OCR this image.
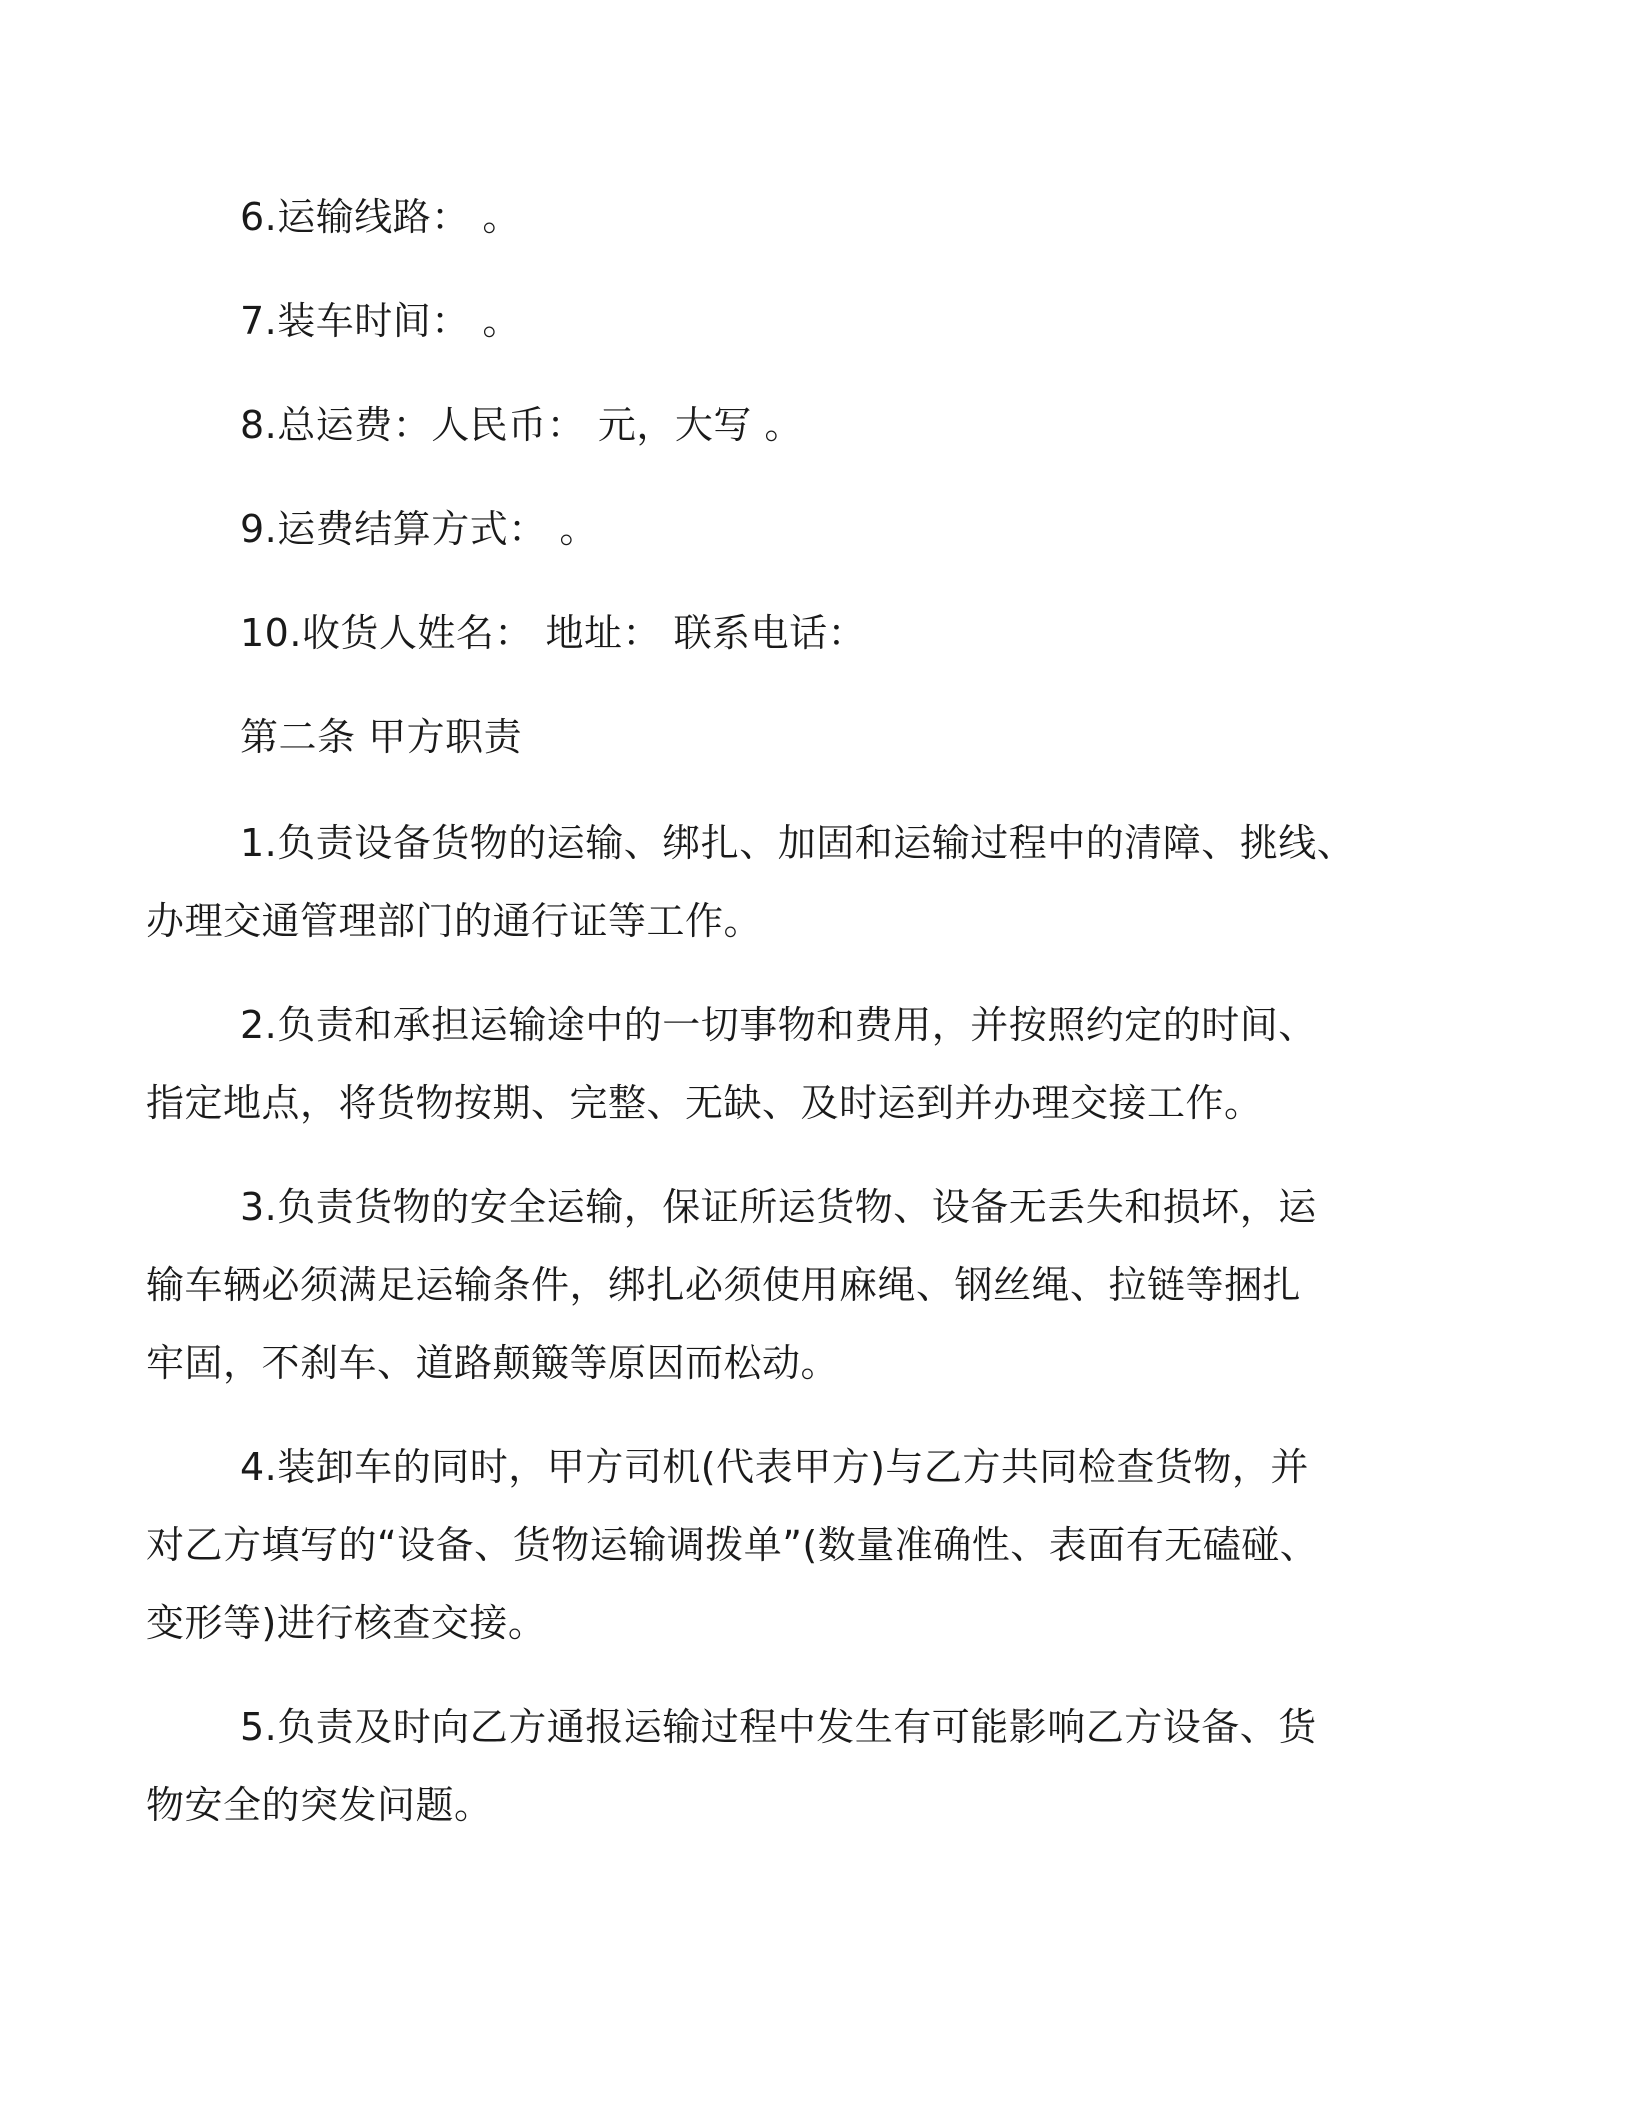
6.运输线路： 。
7.装车时间： 。
8.总运费：人民币： 元，大写 。
9.运费结算方式： 。
10.收货人姓名： 地址： 联系电话：
第二条 甲方职责
1.负责设备货物的运输、绑扎、加固和运输过程中的清障、挑线、
办理交通管理部门的通行证等工作。
2.负责和承担运输途中的一切事物和费用，并按照约定的时间、
指定地点，将货物按期、完整、无缺、及时运到并办理交接工作。
3.负责货物的安全运输，保证所运货物、设备无丢失和损坏，运
输车辆必须满足运输条件，绑扎必须使用麻绳、钢丝绳、拉链等捆扎
牢固，不刹车、道路颠簸等原因而松动。
4.装卸车的同时，甲方司机(代表甲方)与乙方共同检查货物，并
对乙方填写的“设备、货物运输调拨单”(数量准确性、表面有无磕碰、
变形等)进行核查交接。
5.负责及时向乙方通报运输过程中发生有可能影响乙方设备、货
物安全的突发问题。
